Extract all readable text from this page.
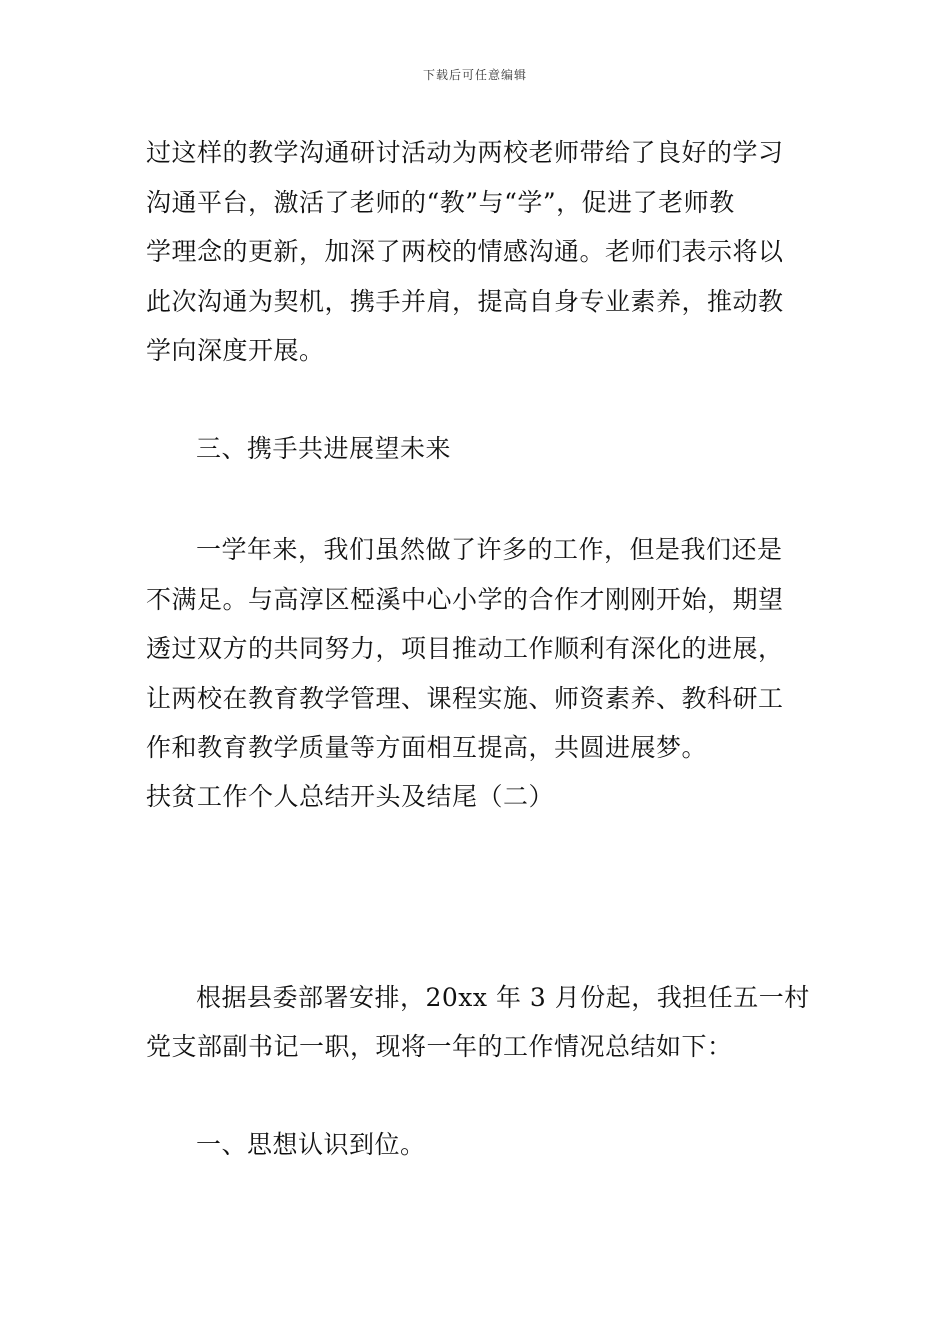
下载后可任意编辑
过这样的教学沟通研讨活动为两校老师带给了良好的学习
沟通平台，激活了老师的“教”与“学”，促进了老师教
学理念的更新，加深了两校的情感沟通。老师们表示将以
此次沟通为契机，携手并肩，提高自身专业素养，推动教
学向深度开展。
三、携手共进展望未来
一学年来，我们虽然做了许多的工作，但是我们还是
不满足。与高淳区椏溪中心小学的合作才刚刚开始，期望
透过双方的共同努力，项目推动工作顺利有深化的进展，
让两校在教育教学管理、课程实施、师资素养、教科研工
作和教育教学质量等方面相互提高，共圆进展梦。
扶贫工作个人总结开头及结尾（二）
根据县委部署安排，20xx 年 3 月份起，我担任五一村
党支部副书记一职，现将一年的工作情况总结如下：
一、思想认识到位。
